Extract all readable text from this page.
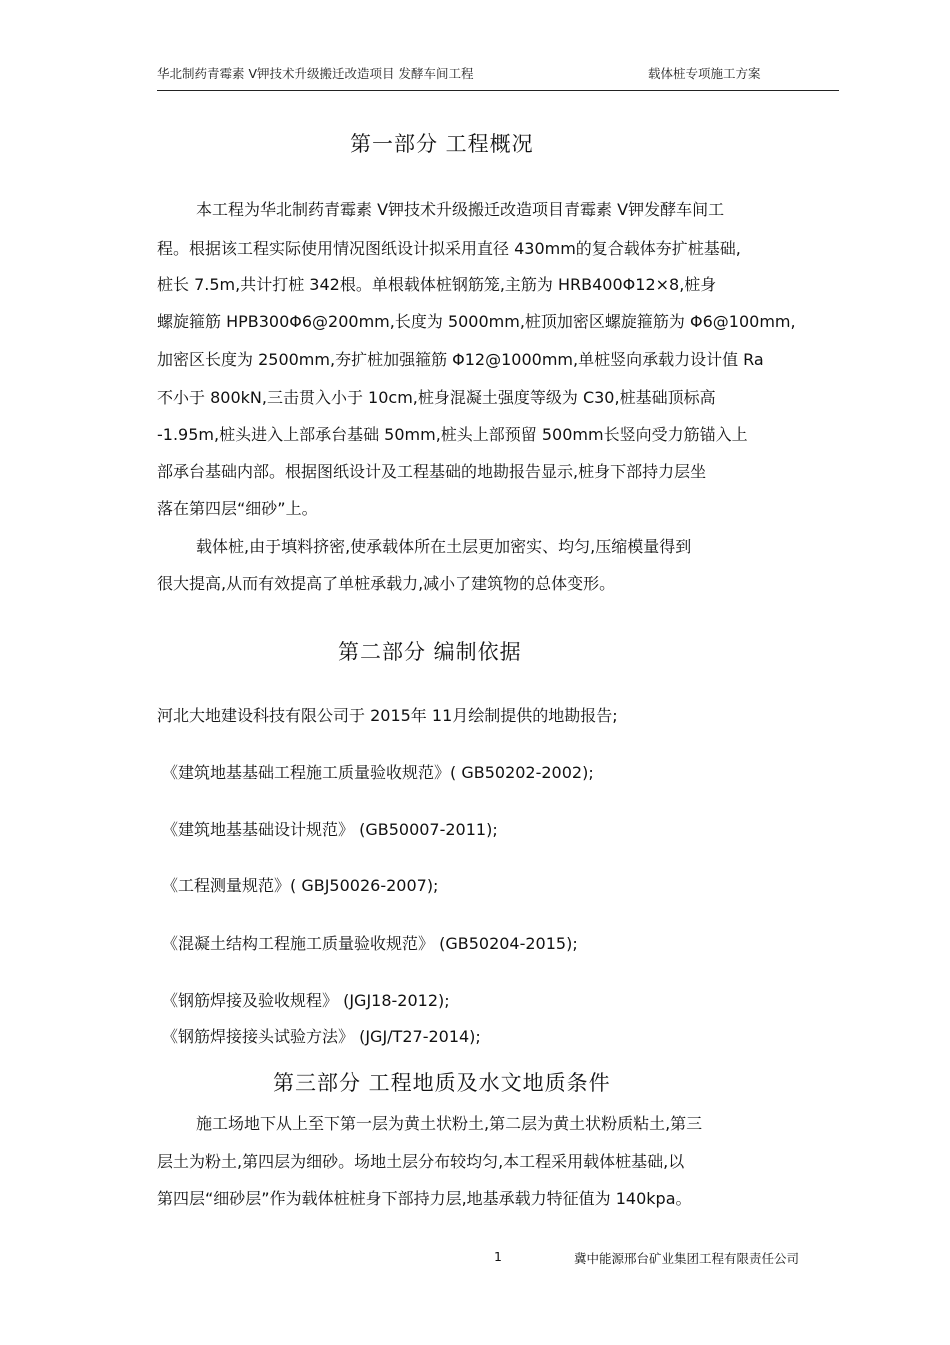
华北制药青霉素 V钾技术升级搬迁改造项目 发酵车间工程	载体桩专项施工方案
第一部分 工程概况
本工程为华北制药青霉素 V钾技术升级搬迁改造项目青霉素 V钾发酵车间工
程。根据该工程实际使用情况图纸设计拟采用直径 430mm的复合载体夯扩桩基础,
桩长 7.5m,共计打桩 342根。单根载体桩钢筋笼,主筋为 HRB400Φ12×8,桩身
螺旋箍筋 HPB300Φ6@200mm,长度为 5000mm,桩顶加密区螺旋箍筋为 Φ6@100mm,
加密区长度为 2500mm,夯扩桩加强箍筋 Φ12@1000mm,单桩竖向承载力设计值 Ra
不小于 800kN,三击贯入小于 10cm,桩身混凝土强度等级为 C30,桩基础顶标高
-1.95m,桩头进入上部承台基础 50mm,桩头上部预留 500mm长竖向受力筋锚入上
部承台基础内部。根据图纸设计及工程基础的地勘报告显示,桩身下部持力层坐
落在第四层“细砂”上。
载体桩,由于填料挤密,使承载体所在土层更加密实、均匀,压缩模量得到
很大提高,从而有效提高了单桩承载力,减小了建筑物的总体变形。
第二部分 编制依据
河北大地建设科技有限公司于 2015年 11月绘制提供的地勘报告;
《建筑地基基础工程施工质量验收规范》( GB50202-2002);
《建筑地基基础设计规范》 (GB50007-2011);
《工程测量规范》( GBJ50026-2007);
《混凝土结构工程施工质量验收规范》 (GB50204-2015);
《钢筋焊接及验收规程》 (JGJ18-2012);
《钢筋焊接接头试验方法》 (JGJ/T27-2014);
第三部分 工程地质及水文地质条件
施工场地下从上至下第一层为黄土状粉土,第二层为黄土状粉质粘土,第三
层土为粉土,第四层为细砂。场地土层分布较均匀,本工程采用载体桩基础,以
第四层“细砂层”作为载体桩桩身下部持力层,地基承载力特征值为 140kpa。
1	冀中能源邢台矿业集团工程有限责任公司
